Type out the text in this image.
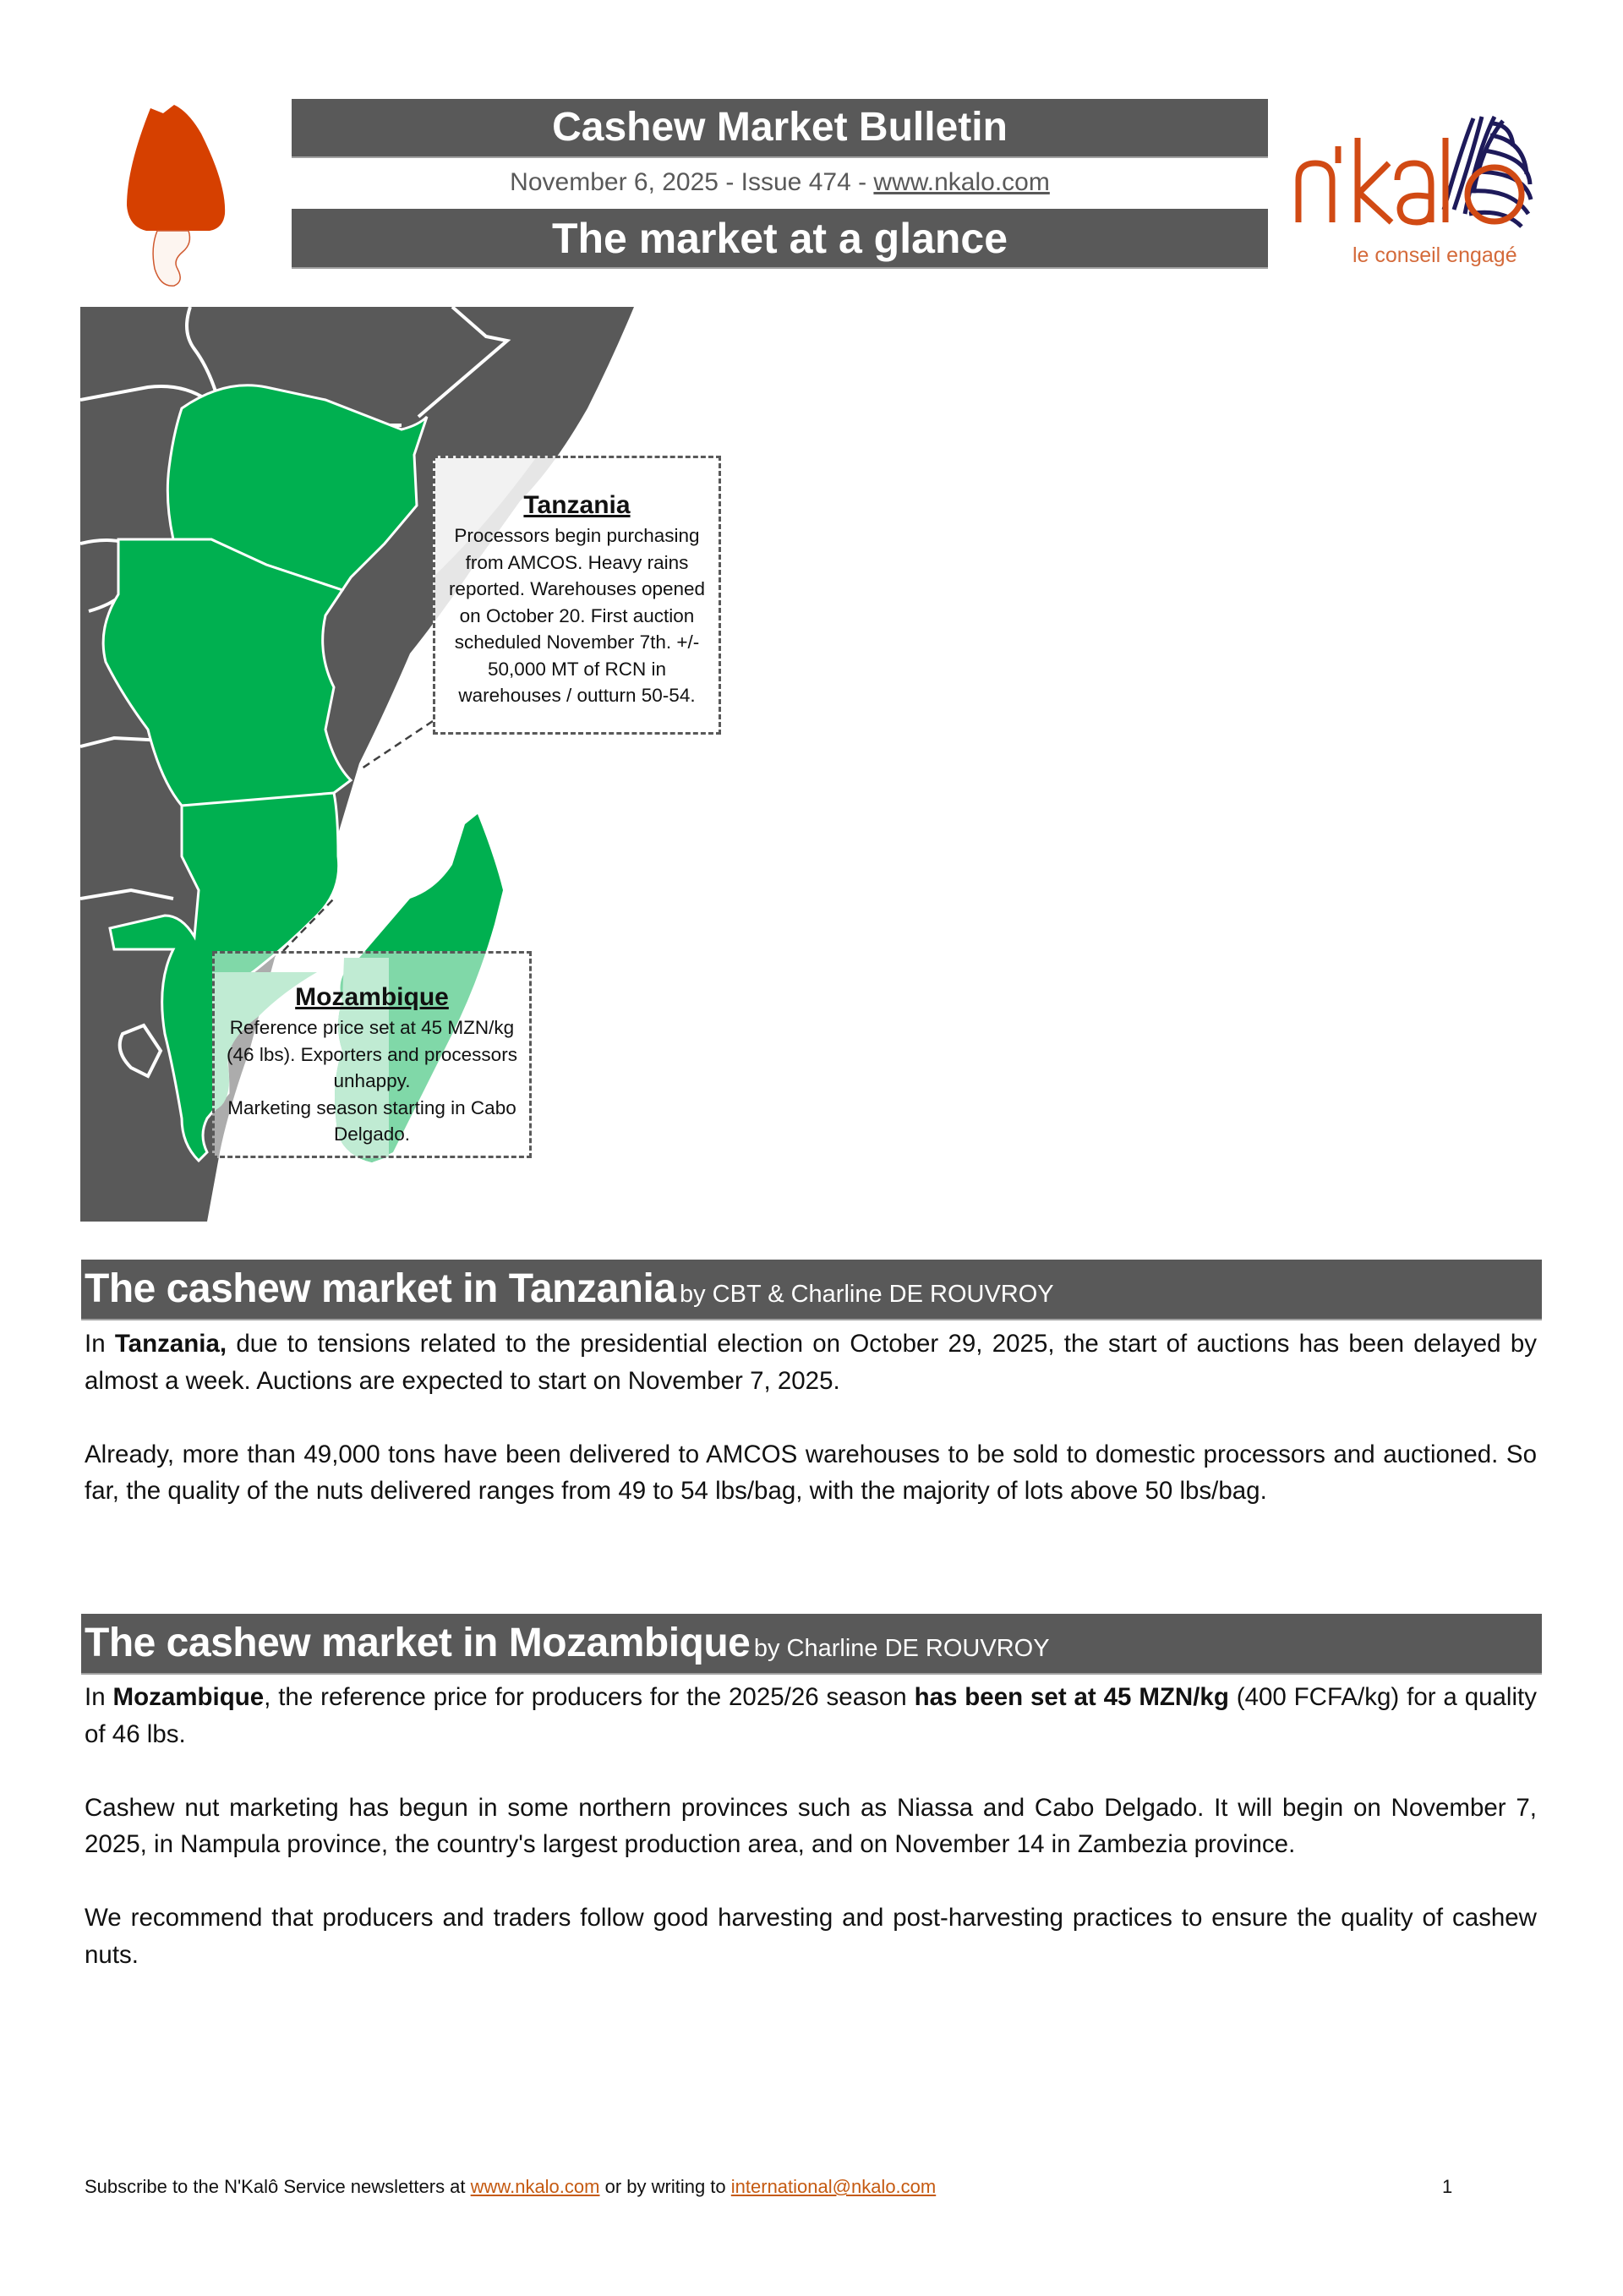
Cashew Market Bulletin
November 6, 2025 - Issue 474 - www.nkalo.com
The market at a glance	le conseil engagé
Tanzania

Processors begin purchasing from AMCOS. Heavy rains reported. Warehouses opened on October 20. First auction scheduled November 7th. +/- 50,000 MT of RCN in warehouses / outturn 50-54.

Mozambique

Reference price set at 45 MZN/kg (46 lbs). Exporters and processors unhappy.

Marketing season starting in Cabo Delgado.

The cashew market in Tanzania by CBT & Charline DE ROUVROY

In Tanzania, due to tensions related to the presidential election on October 29, 2025, the start of auctions has been delayed by almost a week. Auctions are expected to start on November 7, 2025.

Already, more than 49,000 tons have been delivered to AMCOS warehouses to be sold to domestic processors and auctioned. So far, the quality of the nuts delivered ranges from 49 to 54 lbs/bag, with the majority of lots above 50 lbs/bag.

The cashew market in Mozambique by Charline DE ROUVROY

In Mozambique, the reference price for producers for the 2025/26 season has been set at 45 MZN/kg (400 FCFA/kg) for a quality of 46 lbs.

Cashew nut marketing has begun in some northern provinces such as Niassa and Cabo Delgado. It will begin on November 7, 2025, in Nampula province, the country's largest production area, and on November 14 in Zambezia province.

We recommend that producers and traders follow good harvesting and post-harvesting practices to ensure the quality of cashew nuts.

Subscribe to the N'Kalô Service newsletters at www.nkalo.com or by writing to international@nkalo.com	1
